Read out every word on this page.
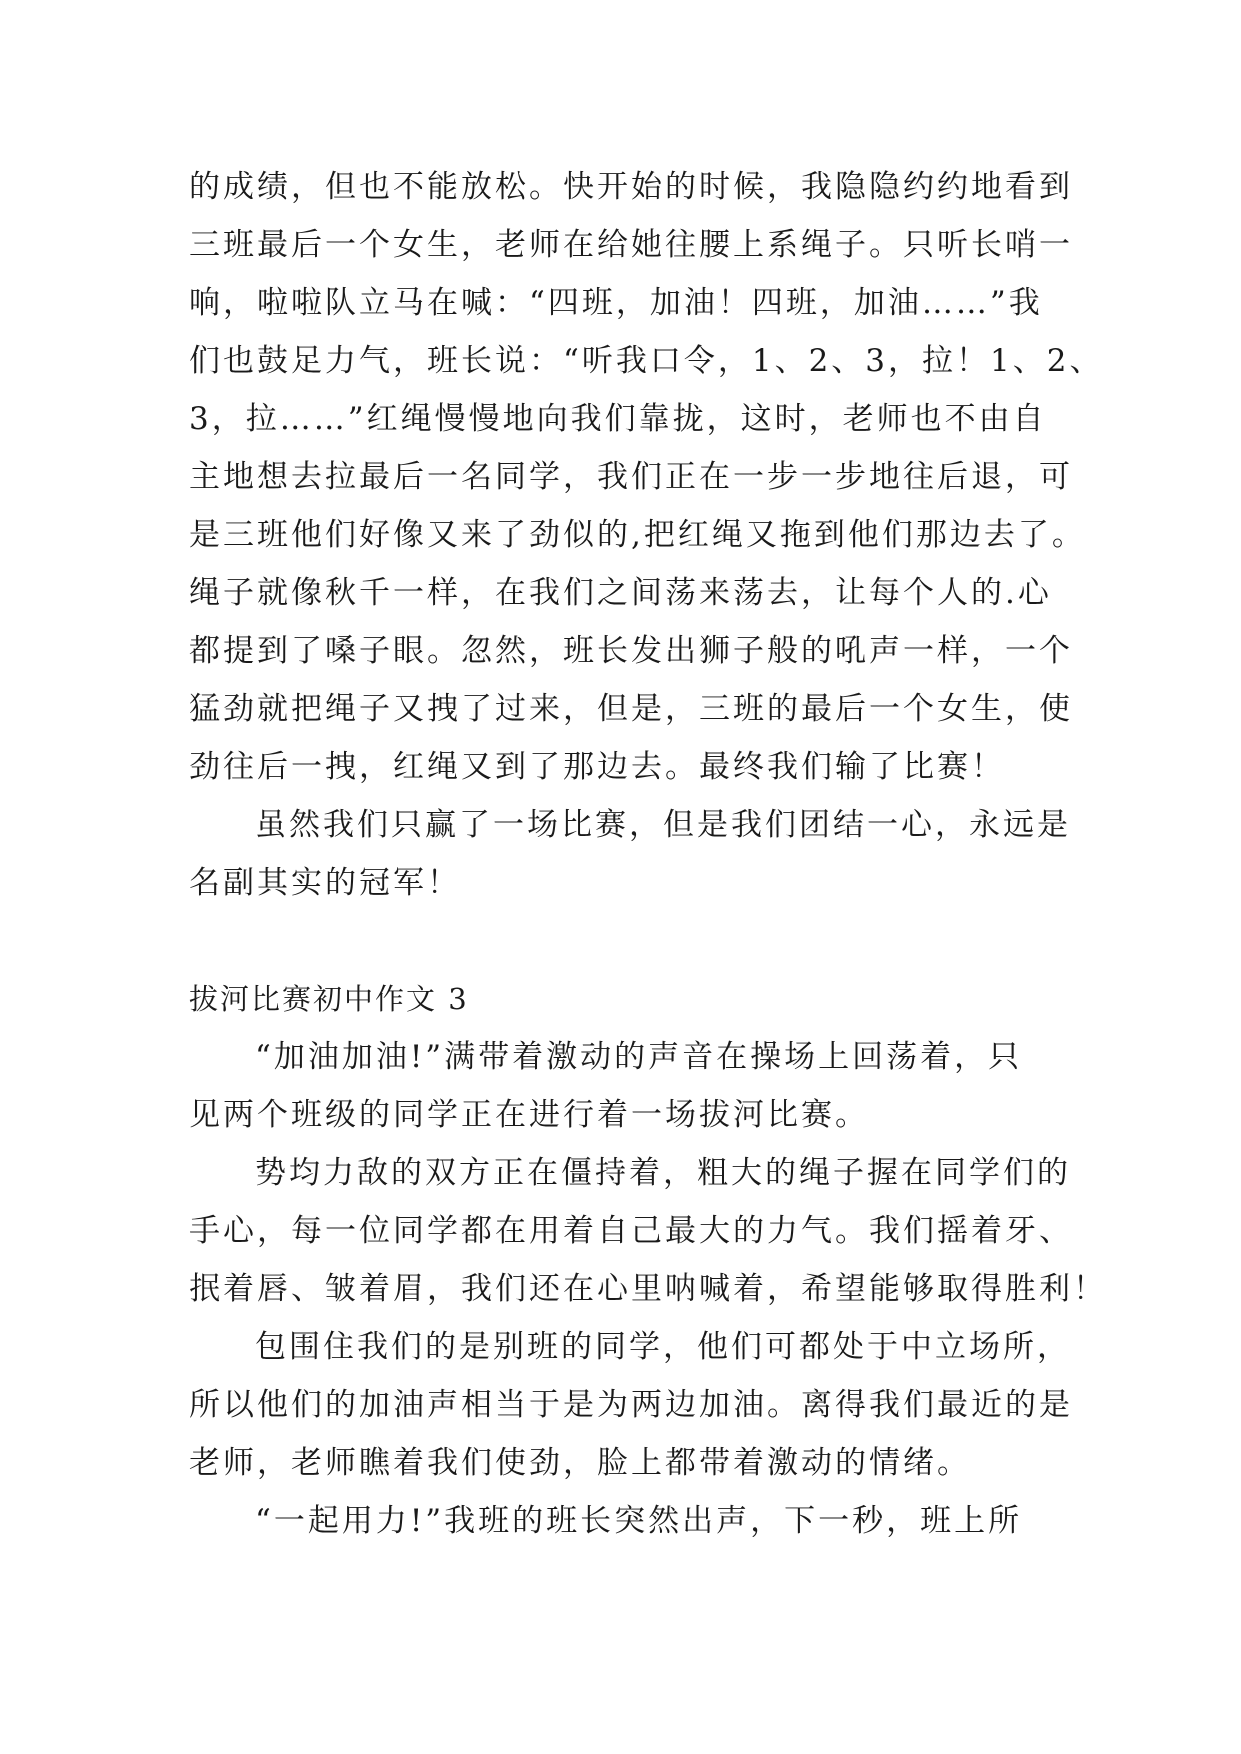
的成绩，但也不能放松。快开始的时候，我隐隐约约地看到
三班最后一个女生，老师在给她往腰上系绳子。只听长哨一
响，啦啦队立马在喊：“四班，加油！四班，加油……”我
们也鼓足力气，班长说：“听我口令，1、2、3，拉！1、2、
3，拉……”红绳慢慢地向我们靠拢，这时，老师也不由自
主地想去拉最后一名同学，我们正在一步一步地往后退，可
是三班他们好像又来了劲似的,把红绳又拖到他们那边去了。
绳子就像秋千一样，在我们之间荡来荡去，让每个人的.心
都提到了嗓子眼。忽然，班长发出狮子般的吼声一样，一个
猛劲就把绳子又拽了过来，但是，三班的最后一个女生，使
劲往后一拽，红绳又到了那边去。最终我们输了比赛！
虽然我们只赢了一场比赛，但是我们团结一心，永远是
名副其实的冠军！
拔河比赛初中作文 3
“加油加油!”满带着激动的声音在操场上回荡着，只
见两个班级的同学正在进行着一场拔河比赛。
势均力敌的双方正在僵持着，粗大的绳子握在同学们的
手心，每一位同学都在用着自己最大的力气。我们摇着牙、
抿着唇、皱着眉，我们还在心里呐喊着，希望能够取得胜利！
包围住我们的是别班的同学，他们可都处于中立场所，
所以他们的加油声相当于是为两边加油。离得我们最近的是
老师，老师瞧着我们使劲，脸上都带着激动的情绪。
“一起用力!”我班的班长突然出声，下一秒，班上所
